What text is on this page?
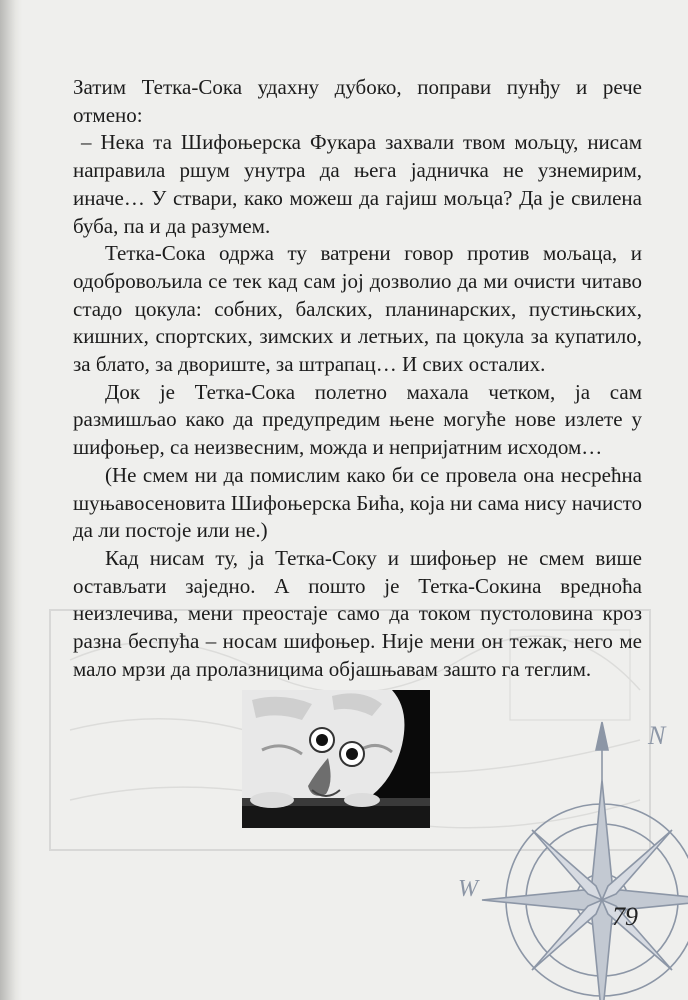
Затим Тетка-Сока удахну дубоко, поправи пунђу и рече отмено:

– Нека та Шифоњерска Фукара захвали твом мољцу, нисам направила ршум унутра да њега јадничка не узнемирим, иначе… У ствари, како можеш да гајиш мољца? Да је свилена буба, па и да разумем.

Тетка-Сока одржа ту ватрени говор против мољаца, и одобровољила се тек кад сам јој дозволио да ми очисти читаво стадо цокула: собних, балских, планинарских, пустињских, кишних, спортских, зимских и летњих, па цокула за купатило, за блато, за двориште, за штрапац… И свих осталих.

Док је Тетка-Сока полетно махала четком, ја сам размишљао како да предупредим њене могуће нове излете у шифоњер, са неизвесним, можда и непријатним исходом…

(Не смем ни да помислим како би се провела она несрећна шуњавосеновита Шифоњерска Бића, која ни сама нису начисто да ли постоје или не.)

Кад нисам ту, ја Тетка-Соку и шифоњер не смем више остављати заједно. А пошто је Тетка-Сокина вредноћа неизлечива, мени преостаје само да током пустоловина кроз разна беспућа – носам шифоњер. Није мени он тежак, него ме мало мрзи да пролазницима објашњавам зашто га теглим.

N
W
79
